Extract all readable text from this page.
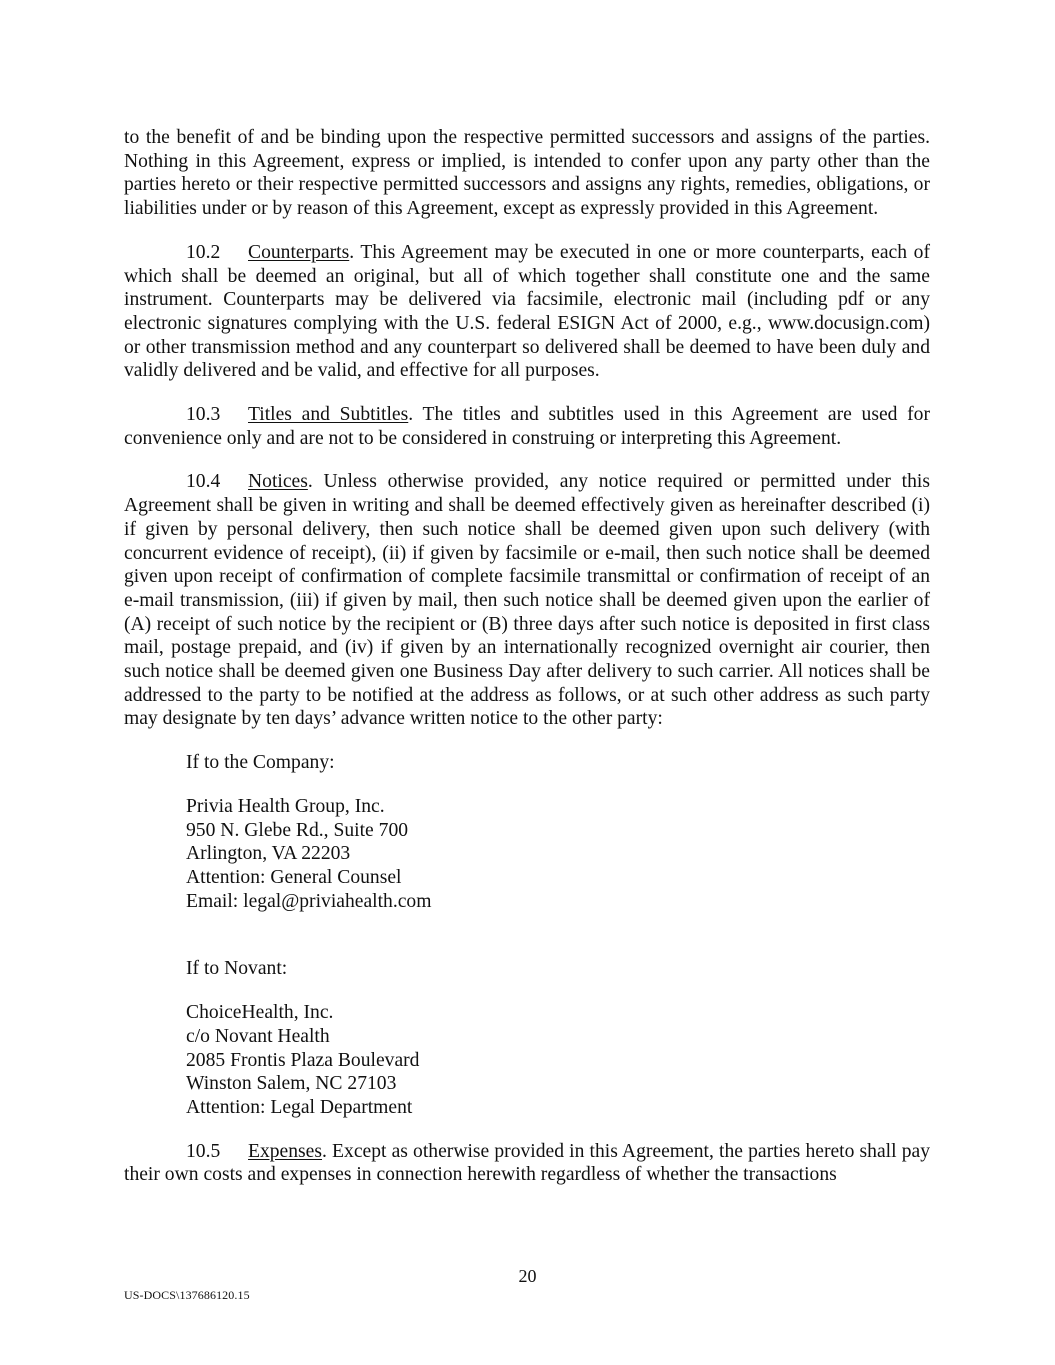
to the benefit of and be binding upon the respective permitted successors and assigns of the parties. Nothing in this Agreement, express or implied, is intended to confer upon any party other than the parties hereto or their respective permitted successors and assigns any rights, remedies, obligations, or liabilities under or by reason of this Agreement, except as expressly provided in this Agreement.

10.2 Counterparts. This Agreement may be executed in one or more counterparts, each of which shall be deemed an original, but all of which together shall constitute one and the same instrument. Counterparts may be delivered via facsimile, electronic mail (including pdf or any electronic signatures complying with the U.S. federal ESIGN Act of 2000, e.g., www.docusign.com) or other transmission method and any counterpart so delivered shall be deemed to have been duly and validly delivered and be valid, and effective for all purposes.

10.3 Titles and Subtitles. The titles and subtitles used in this Agreement are used for convenience only and are not to be considered in construing or interpreting this Agreement.

10.4 Notices. Unless otherwise provided, any notice required or permitted under this Agreement shall be given in writing and shall be deemed effectively given as hereinafter described (i) if given by personal delivery, then such notice shall be deemed given upon such delivery (with concurrent evidence of receipt), (ii) if given by facsimile or e-mail, then such notice shall be deemed given upon receipt of confirmation of complete facsimile transmittal or confirmation of receipt of an e-mail transmission, (iii) if given by mail, then such notice shall be deemed given upon the earlier of (A) receipt of such notice by the recipient or (B) three days after such notice is deposited in first class mail, postage prepaid, and (iv) if given by an internationally recognized overnight air courier, then such notice shall be deemed given one Business Day after delivery to such carrier. All notices shall be addressed to the party to be notified at the address as follows, or at such other address as such party may designate by ten days’ advance written notice to the other party:

If to the Company:

Privia Health Group, Inc.
950 N. Glebe Rd., Suite 700
Arlington, VA 22203
Attention: General Counsel
Email: legal@priviahealth.com

If to Novant:

ChoiceHealth, Inc.
c/o Novant Health
2085 Frontis Plaza Boulevard
Winston Salem, NC 27103
Attention: Legal Department

10.5 Expenses. Except as otherwise provided in this Agreement, the parties hereto shall pay their own costs and expenses in connection herewith regardless of whether the transactions

20
US-DOCS\137686120.15
